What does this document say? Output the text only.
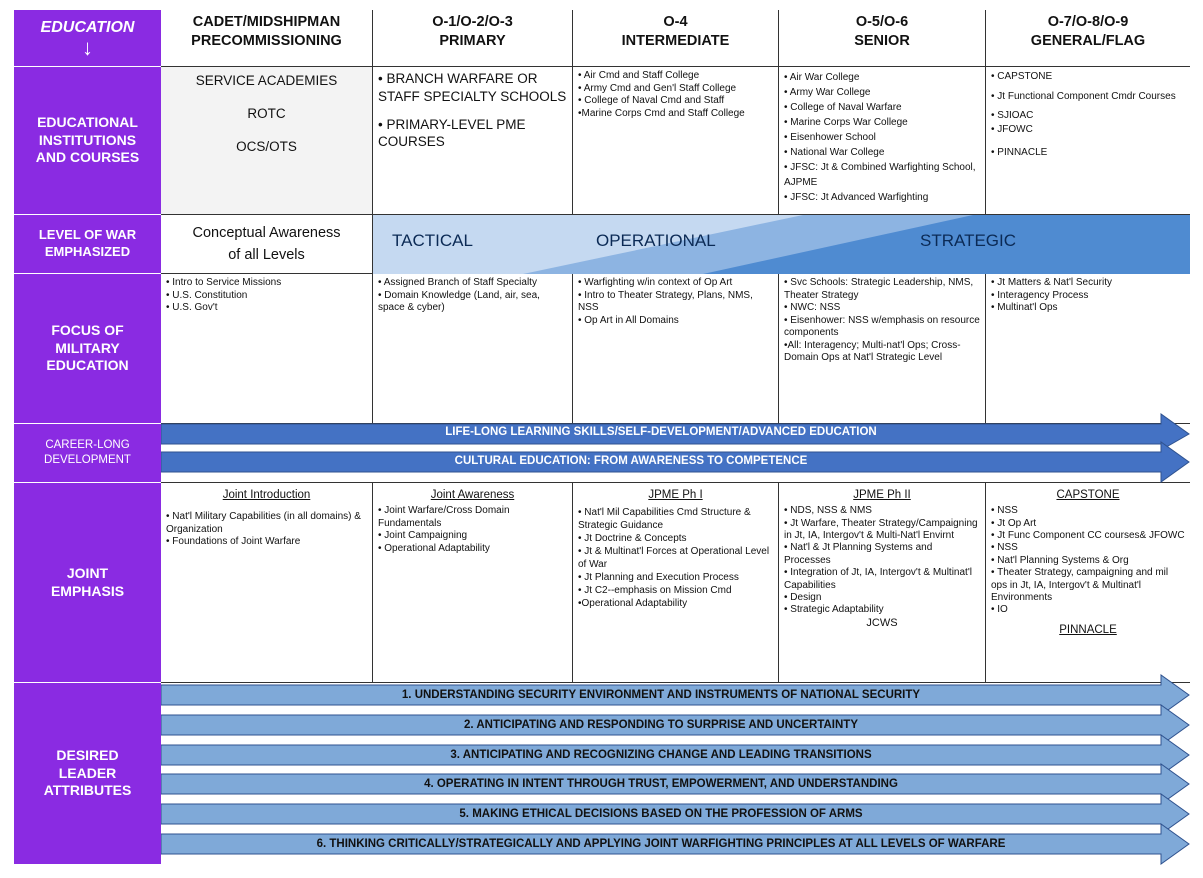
EDUCATION
↓
EDUCATIONAL
INSTITUTIONS
AND COURSES
LEVEL OF WAR
EMPHASIZED
FOCUS OF
MILITARY
EDUCATION
CAREER-LONG
DEVELOPMENT
JOINT
EMPHASIS
DESIRED
LEADER
ATTRIBUTES
CADET/MIDSHIPMAN
PRECOMMISSIONING
O-1/O-2/O-3
PRIMARY
O-4
INTERMEDIATE
O-5/O-6
SENIOR
O-7/O-8/O-9
GENERAL/FLAG

SERVICE ACADEMIES

ROTC

OCS/OTS

• BRANCH WARFARE OR STAFF SPECIALTY SCHOOLS

• PRIMARY-LEVEL PME COURSES

• Air Cmd and Staff College

• Army Cmd and Gen'l Staff College

• College of Naval Cmd and Staff

•Marine Corps Cmd and Staff College

• Air War College

• Army War College

• College of Naval Warfare

• Marine Corps War College

• Eisenhower School

• National War College

• JFSC: Jt & Combined Warfighting School, AJPME

• JFSC: Jt Advanced Warfighting

• CAPSTONE

• Jt Functional Component Cmdr Courses

• SJIOAC

• JFOWC

• PINNACLE

Conceptual Awareness

of all Levels

TACTICAL	OPERATIONAL	STRATEGIC

• Intro to Service Missions

• U.S. Constitution

• U.S. Gov't

• Assigned Branch of Staff Specialty

• Domain Knowledge (Land, air, sea, space & cyber)

• Warfighting w/in context of Op Art

• Intro to Theater Strategy, Plans, NMS, NSS

• Op Art in All Domains

• Svc Schools: Strategic Leadership, NMS, Theater Strategy

• NWC: NSS

• Eisenhower: NSS w/emphasis on resource components

•All: Interagency; Multi-nat'l Ops; Cross-Domain Ops at Nat'l Strategic Level

• Jt Matters & Nat'l Security

• Interagency Process

• Multinat'l Ops

LIFE-LONG LEARNING SKILLS/SELF-DEVELOPMENT/ADVANCED EDUCATION
CULTURAL EDUCATION: FROM AWARENESS TO COMPETENCE

Joint Introduction

• Nat'l Military Capabilities (in all domains) & Organization

• Foundations of Joint Warfare

Joint Awareness

• Joint Warfare/Cross Domain Fundamentals

• Joint Campaigning

• Operational Adaptability

JPME Ph I

• Nat'l Mil Capabilities Cmd Structure & Strategic Guidance

• Jt Doctrine & Concepts

• Jt & Multinat'l Forces at Operational Level of War

• Jt Planning and Execution Process

• Jt C2--emphasis on Mission Cmd

•Operational Adaptability

JPME Ph II

• NDS, NSS & NMS

• Jt Warfare, Theater Strategy/Campaigning in Jt, IA, Intergov't & Multi-Nat'l Envirnt

• Nat'l & Jt Planning Systems and Processes

• Integration of Jt, IA, Intergov't & Multinat'l Capabilities

• Design

• Strategic Adaptability

JCWS

CAPSTONE

• NSS

• Jt Op Art

• Jt Func Component CC courses& JFOWC

• NSS

• Nat'l Planning Systems & Org

• Theater Strategy, campaigning and mil ops in Jt, IA, Intergov't & Multinat'l Environments

• IO

PINNACLE

1. UNDERSTANDING SECURITY ENVIRONMENT AND INSTRUMENTS OF NATIONAL SECURITY
2. ANTICIPATING AND RESPONDING TO SURPRISE AND UNCERTAINTY
3. ANTICIPATING AND RECOGNIZING CHANGE AND LEADING TRANSITIONS
4. OPERATING IN INTENT THROUGH TRUST, EMPOWERMENT, AND UNDERSTANDING
5. MAKING ETHICAL DECISIONS BASED ON THE PROFESSION OF ARMS
6. THINKING CRITICALLY/STRATEGICALLY AND APPLYING JOINT WARFIGHTING PRINCIPLES AT ALL LEVELS OF WARFARE
